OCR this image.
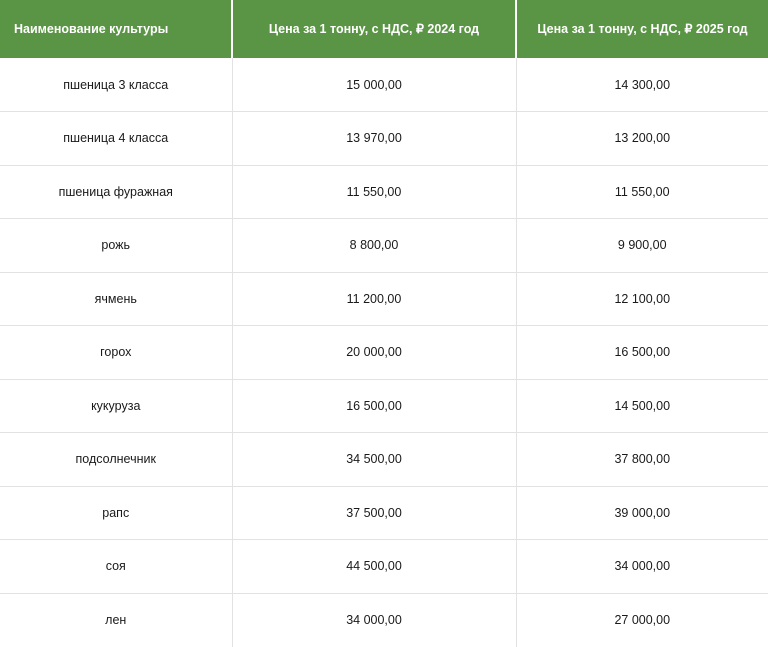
Наименование культуры	Цена за 1 тонну, с НДС, ₽ 2024 год	Цена за 1 тонну, с НДС, ₽ 2025 год
пшеница 3 класса	15 000,00	14 300,00
пшеница 4 класса	13 970,00	13 200,00
пшеница фуражная	11 550,00	11 550,00
рожь	8 800,00	9 900,00
ячмень	11 200,00	12 100,00
горох	20 000,00	16 500,00
кукуруза	16 500,00	14 500,00
подсолнечник	34 500,00	37 800,00
рапс	37 500,00	39 000,00
соя	44 500,00	34 000,00
лен	34 000,00	27 000,00
